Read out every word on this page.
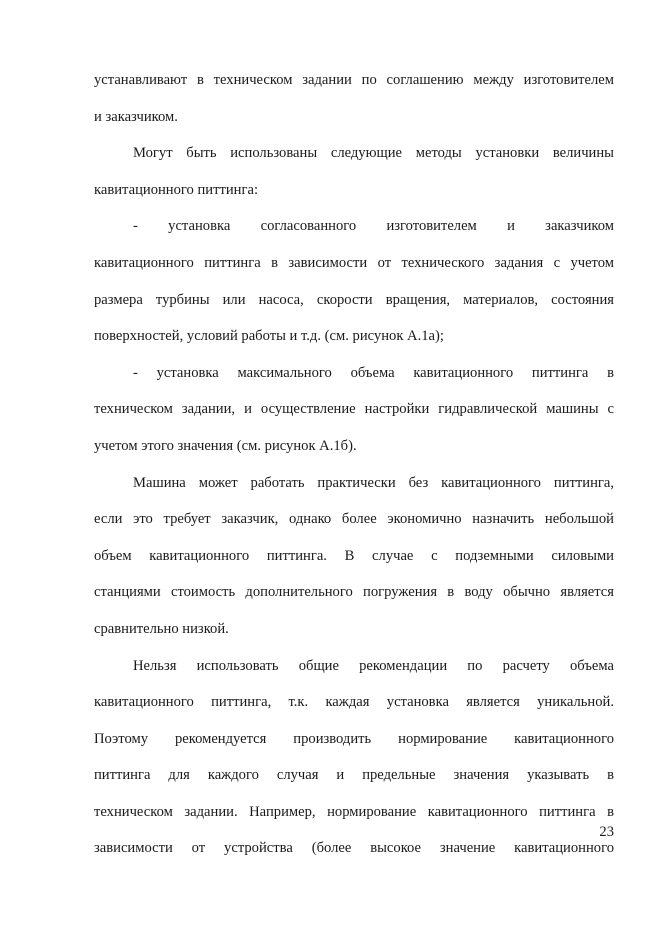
устанавливают в техническом задании по соглашению между изготовителем
и заказчиком.
Могут быть использованы следующие методы установки величины
кавитационного питтинга:
- установка согласованного изготовителем и заказчиком
кавитационного питтинга в зависимости от технического задания с учетом
размера турбины или насоса, скорости вращения, материалов, состояния
поверхностей, условий работы и т.д. (см. рисунок А.1а);
- установка максимального объема кавитационного питтинга в
техническом задании, и осуществление настройки гидравлической машины с
учетом этого значения (см. рисунок А.1б).
Машина может работать практически без кавитационного питтинга,
если это требует заказчик, однако более экономично назначить небольшой
объем кавитационного питтинга. В случае с подземными силовыми
станциями стоимость дополнительного погружения в воду обычно является
сравнительно низкой.
Нельзя использовать общие рекомендации по расчету объема
кавитационного питтинга, т.к. каждая установка является уникальной.
Поэтому рекомендуется производить нормирование кавитационного
питтинга для каждого случая и предельные значения указывать в
техническом задании. Например, нормирование кавитационного питтинга в
зависимости от устройства (более высокое значение кавитационного
23
